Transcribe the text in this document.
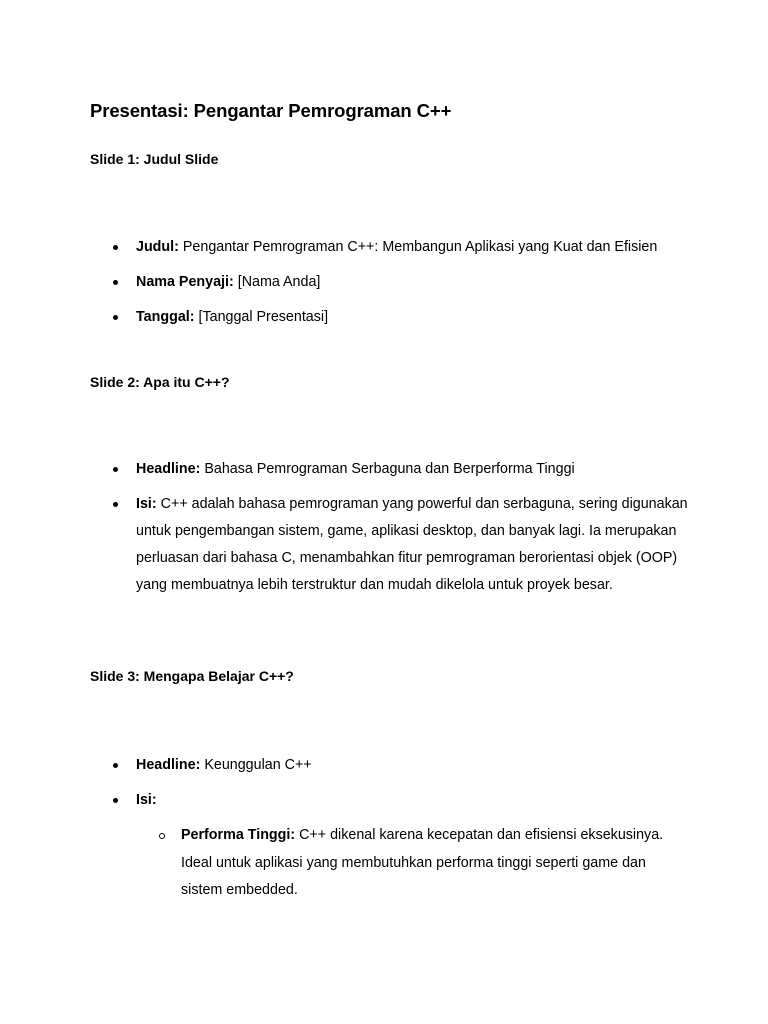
Presentasi: Pengantar Pemrograman C++
Slide 1: Judul Slide
Judul: Pengantar Pemrograman C++: Membangun Aplikasi yang Kuat dan Efisien
Nama Penyaji: [Nama Anda]
Tanggal: [Tanggal Presentasi]
Slide 2: Apa itu C++?
Headline: Bahasa Pemrograman Serbaguna dan Berperforma Tinggi
Isi: C++ adalah bahasa pemrograman yang powerful dan serbaguna, sering digunakan untuk pengembangan sistem, game, aplikasi desktop, dan banyak lagi. Ia merupakan perluasan dari bahasa C, menambahkan fitur pemrograman berorientasi objek (OOP) yang membuatnya lebih terstruktur dan mudah dikelola untuk proyek besar.
Slide 3: Mengapa Belajar C++?
Headline: Keunggulan C++
Isi:
Performa Tinggi: C++ dikenal karena kecepatan dan efisiensi eksekusinya. Ideal untuk aplikasi yang membutuhkan performa tinggi seperti game dan sistem embedded.
